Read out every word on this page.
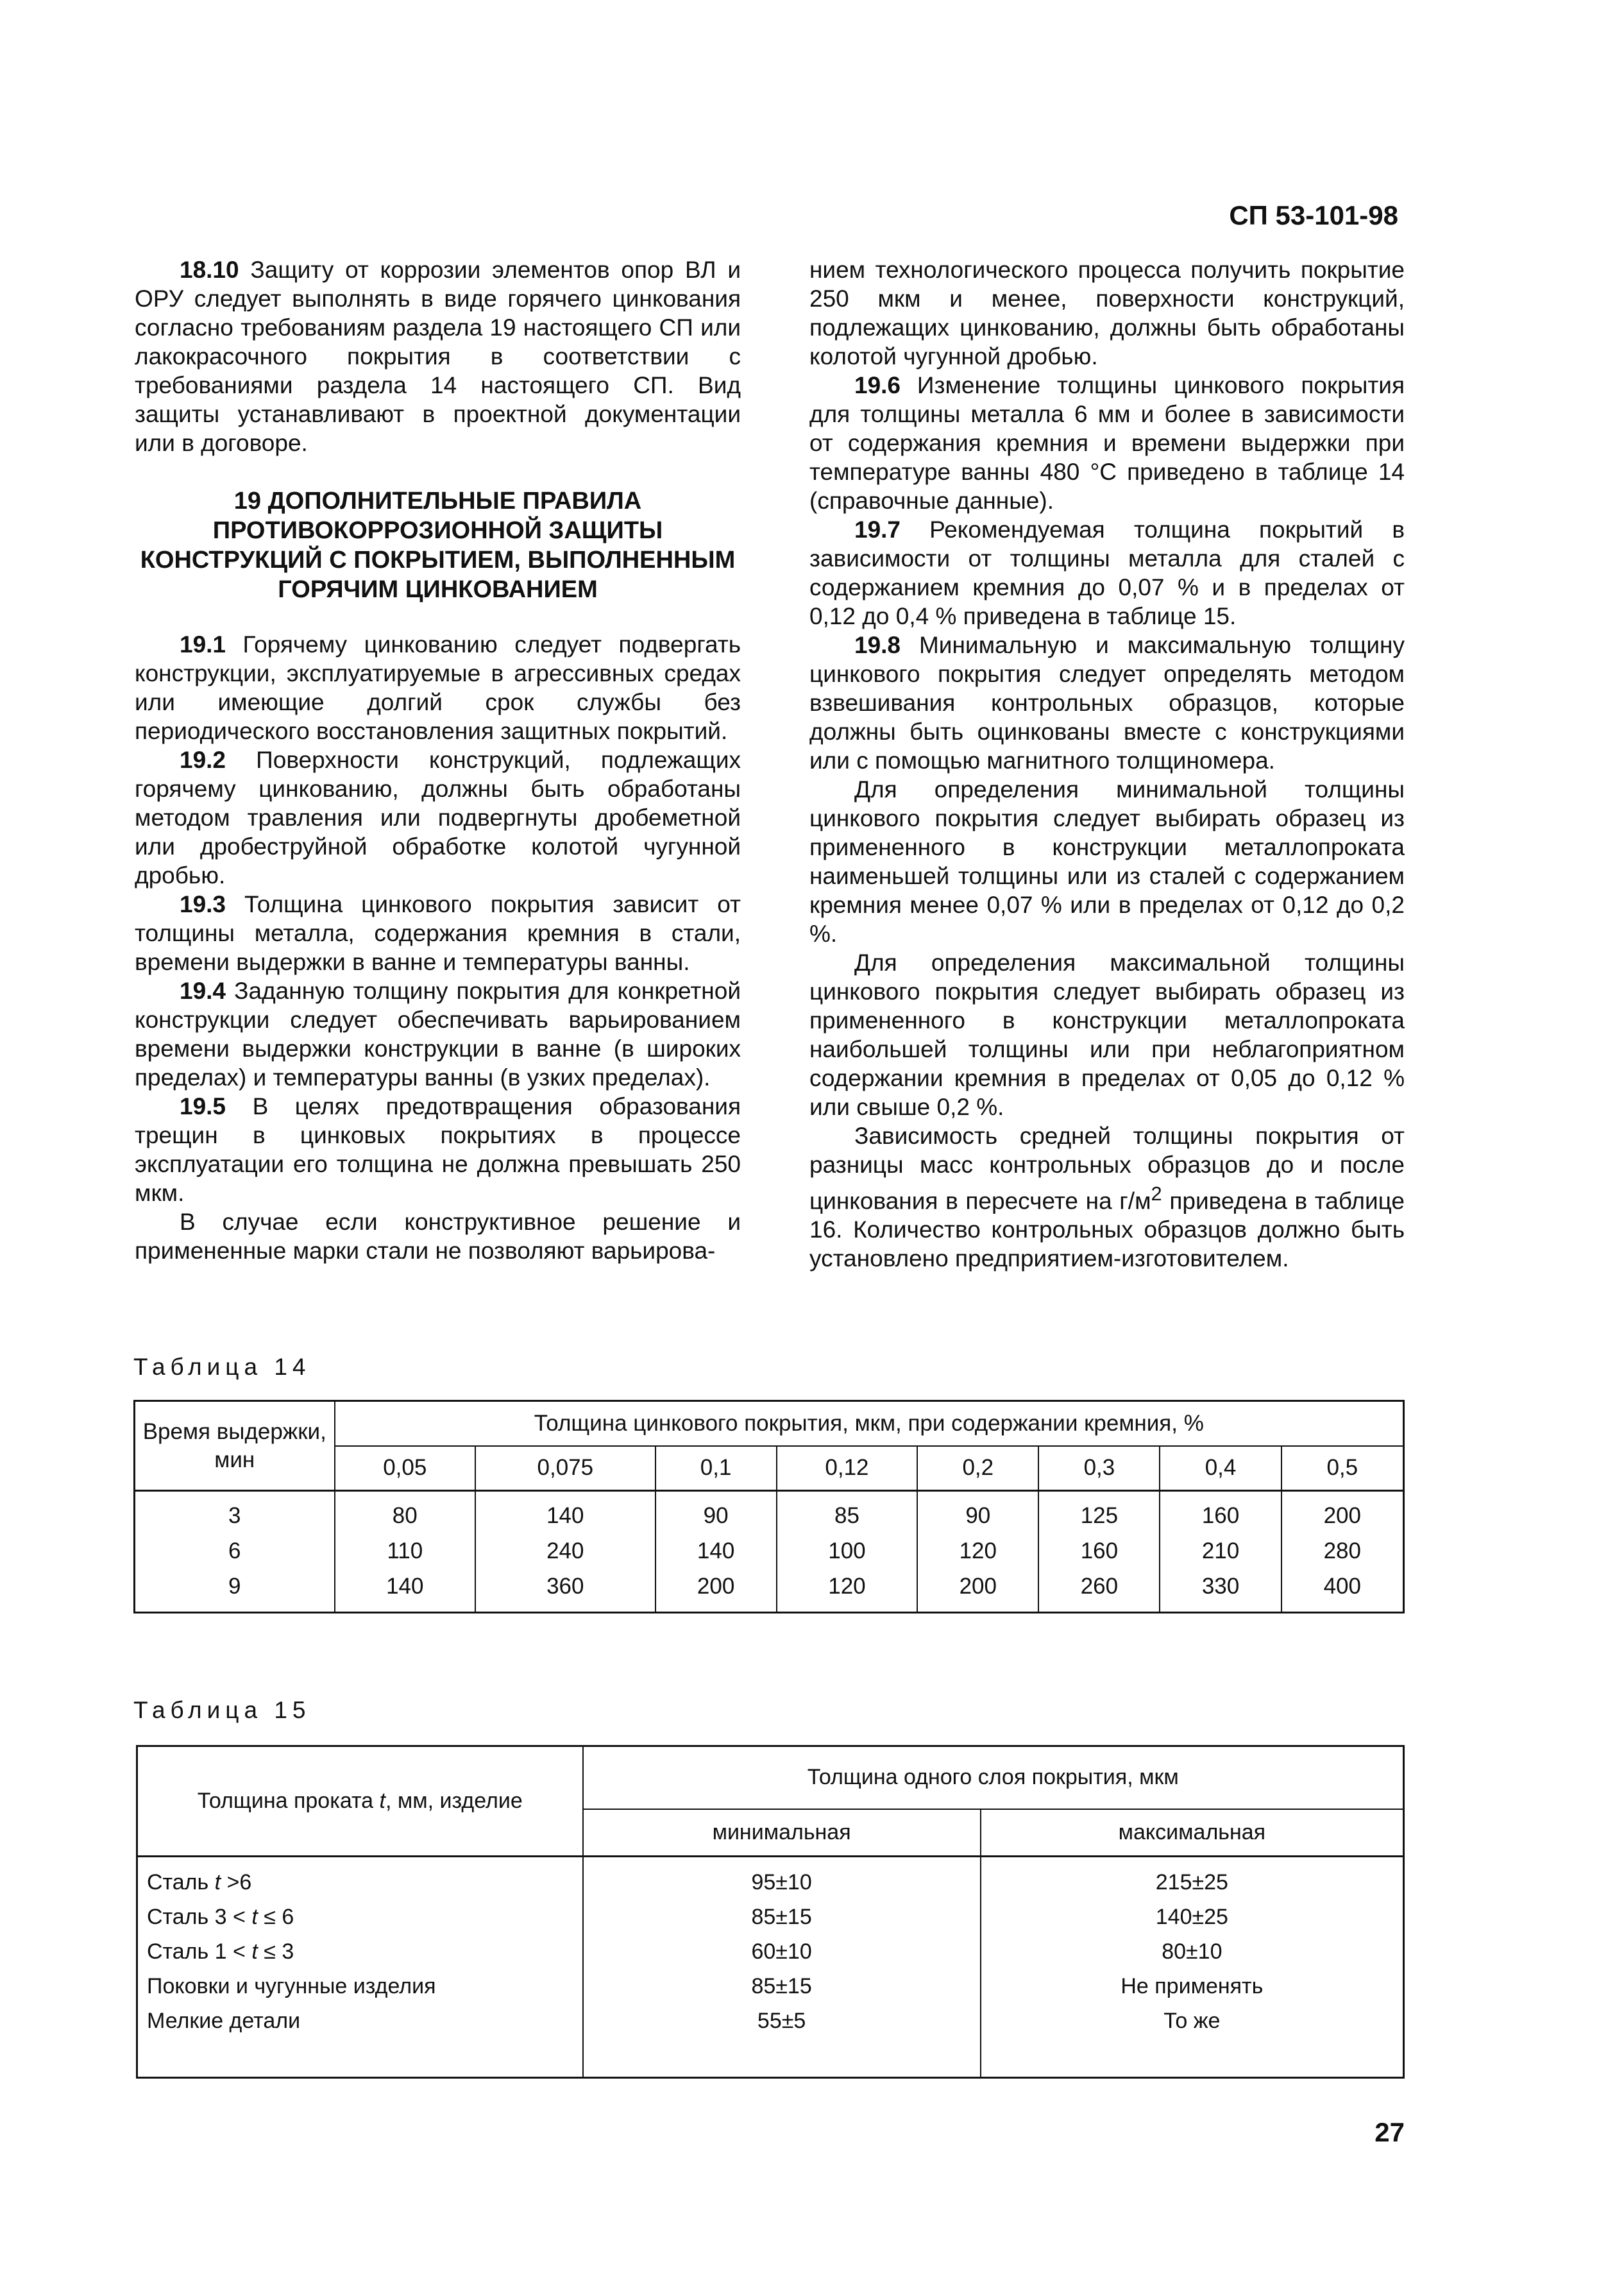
СП 53-101-98

18.10 Защиту от коррозии элементов опор ВЛ и ОРУ следует выполнять в виде горячего цинкования согласно требованиям раздела 19 настоящего СП или лакокрасочного покрытия в соответствии с требованиями раздела 14 настоящего СП. Вид защиты устанавливают в проектной документации или в договоре.

19 ДОПОЛНИТЕЛЬНЫЕ ПРАВИЛА ПРОТИВОКОРРОЗИОННОЙ ЗАЩИТЫ КОНСТРУКЦИЙ С ПОКРЫТИЕМ, ВЫПОЛНЕННЫМ ГОРЯЧИМ ЦИНКОВАНИЕМ

19.1 Горячему цинкованию следует подвергать конструкции, эксплуатируемые в агрессивных средах или имеющие долгий срок службы без периодического восстановления защитных покрытий.

19.2 Поверхности конструкций, подлежащих горячему цинкованию, должны быть обработаны методом травления или подвергнуты дробеметной или дробеструйной обработке колотой чугунной дробью.

19.3 Толщина цинкового покрытия зависит от толщины металла, содержания кремния в стали, времени выдержки в ванне и температуры ванны.

19.4 Заданную толщину покрытия для конкретной конструкции следует обеспечивать варьированием времени выдержки конструкции в ванне (в широких пределах) и температуры ванны (в узких пределах).

19.5 В целях предотвращения образования трещин в цинковых покрытиях в процессе эксплуатации его толщина не должна превышать 250 мкм.

В случае если конструктивное решение и примененные марки стали не позволяют варьирова-

нием технологического процесса получить покрытие 250 мкм и менее, поверхности конструкций, подлежащих цинкованию, должны быть обработаны колотой чугунной дробью.

19.6 Изменение толщины цинкового покрытия для толщины металла 6 мм и более в зависимости от содержания кремния и времени выдержки при температуре ванны 480 °С приведено в таблице 14 (справочные данные).

19.7 Рекомендуемая толщина покрытий в зависимости от толщины металла для сталей с содержанием кремния до 0,07 % и в пределах от 0,12 до 0,4 % приведена в таблице 15.

19.8 Минимальную и максимальную толщину цинкового покрытия следует определять методом взвешивания контрольных образцов, которые должны быть оцинкованы вместе с конструкциями или с помощью магнитного толщиномера.

Для определения минимальной толщины цинкового покрытия следует выбирать образец из примененного в конструкции металлопроката наименьшей толщины или из сталей с содержанием кремния менее 0,07 % или в пределах от 0,12 до 0,2 %.

Для определения максимальной толщины цинкового покрытия следует выбирать образец из примененного в конструкции металлопроката наибольшей толщины или при неблагоприятном содержании кремния в пределах от 0,05 до 0,12 % или свыше 0,2 %.

Зависимость средней толщины покрытия от разницы масс контрольных образцов до и после цинкования в пересчете на $г/м^2$ приведена в таблице 16. Количество контрольных образцов должно быть установлено предприятием-изготовителем.

Таблица 14
Время выдержки, мин	Толщина цинкового покрытия, мкм, при содержании кремния, %							
	0,05	0,075	0,1	0,12	0,2	0,3	0,4	0,5
3	80	140	90	85	90	125	160	200
6	110	240	140	100	120	160	210	280
9	140	360	200	120	200	260	330	400
Таблица 15
Толщина проката t, мм, изделие	Толщина одного слоя покрытия, мкм	
	минимальная	максимальная
Сталь t >6	95±10	215±25
Сталь 3 < t ≤ 6	85±15	140±25
Сталь 1 < t ≤ 3	60±10	80±10
Поковки и чугунные изделия	85±15	Не применять
Мелкие детали	55±5	То же
27
